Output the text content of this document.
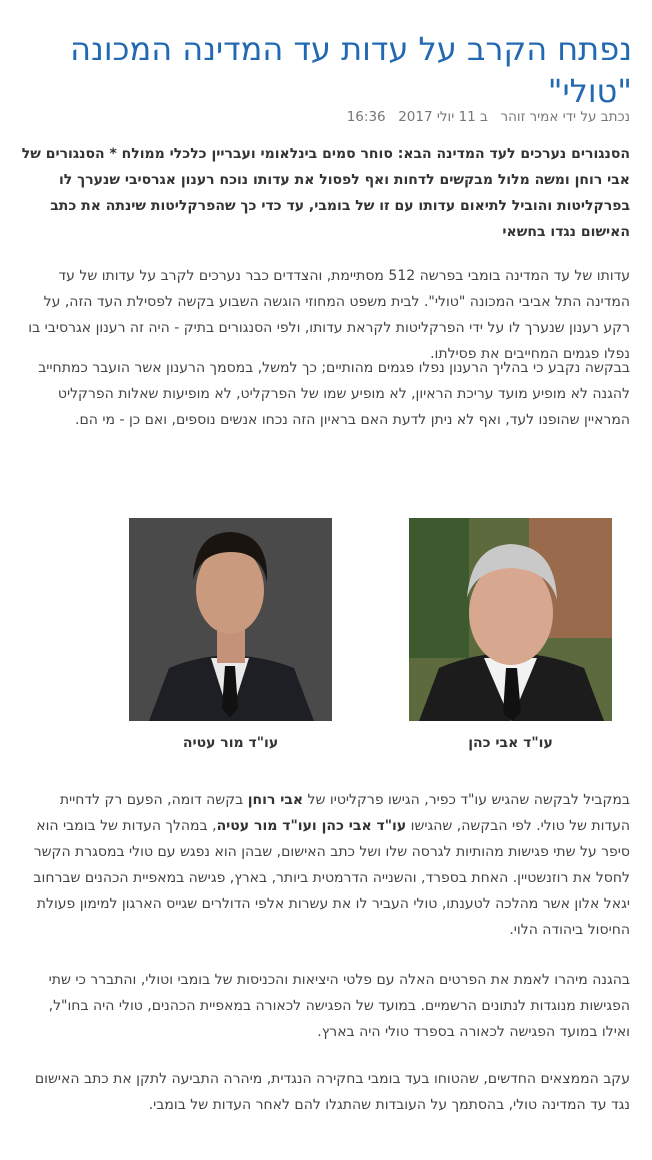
נפתח הקרב על עדות עד המדינה המכונה "טולי"
נכתב על ידי אמיר זוהר  ב 11 יולי 2017  16:36

הסנגורים נערכים לעד המדינה הבא: סוחר סמים בינלאומי ועבריין כלכלי ממולח * הסנגורים של אבי רוחן ומשה מלול מבקשים לדחות ואף לפסול את עדותו נוכח רענון אגרסיבי שנערך לו בפרקליטות והוביל לתיאום עדותו עם זו של בומבי, עד כדי כך שהפרקליטות שינתה את כתב האישום נגדו בחשאי

עדותו של עד המדינה בומבי בפרשה 512 מסתיימת, והצדדים כבר נערכים לקרב על עדותו של עד המדינה התל אביבי המכונה "טולי". לבית משפט המחוזי הוגשה השבוע בקשה לפסילת העד הזה, על רקע רענון שנערך לו על ידי הפרקליטות לקראת עדותו, ולפי הסנגורים בתיק - היה זה רענון אגרסיבי בו נפלו פגמים המחייבים את פסילתו.

בבקשה נקבע כי בהליך הרענון נפלו פגמים מהותיים; כך למשל, במסמך הרענון אשר הועבר כמתחייב להגנה לא מופיע מועד עריכת הראיון, לא מופיע שמו של הפרקליט, לא מופיעות שאלות הפרקליט המראיין שהופנו לעד, ואף לא ניתן לדעת האם בראיון הזה נכחו אנשים נוספים, ואם כן - מי הם.

עו"ד אבי כהן
עו"ד מור עטיה

במקביל לבקשה שהגיש עו"ד כפיר, הגישו פרקליטיו של אבי רוחן בקשה דומה, הפעם רק לדחיית העדות של טולי. לפי הבקשה, שהגישו עו"ד אבי כהן ועו"ד מור עטיה, במהלך העדות של בומבי הוא סיפר על שתי פגישות מהותיות לגרסה שלו ושל כתב האישום, שבהן הוא נפגש עם טולי במסגרת הקשר לחסל את רוזנשטיין. האחת בספרד, והשנייה הדרמטית ביותר, בארץ, פגישה במאפיית הכהנים שברחוב יגאל אלון אשר מהלכה לטענתו, טולי העביר לו את עשרות אלפי הדולרים שגייס הארגון למימון פעולת החיסול ביהודה הלוי.

בהגנה מיהרו לאמת את הפרטים האלה עם פלטי היציאות והכניסות של בומבי וטולי, והתברר כי שתי הפגישות מנוגדות לנתונים הרשמיים. במועד של הפגישה לכאורה במאפיית הכהנים, טולי היה בחו"ל, ואילו במועד הפגישה לכאורה בספרד טולי היה בארץ.

עקב הממצאים החדשים, שהטוחו בעד בומבי בחקירה הנגדית, מיהרה התביעה לתקן את כתב האישום נגד עד המדינה טולי, בהסתמך על העובדות שהתגלו להם לאחר העדות של בומבי.
